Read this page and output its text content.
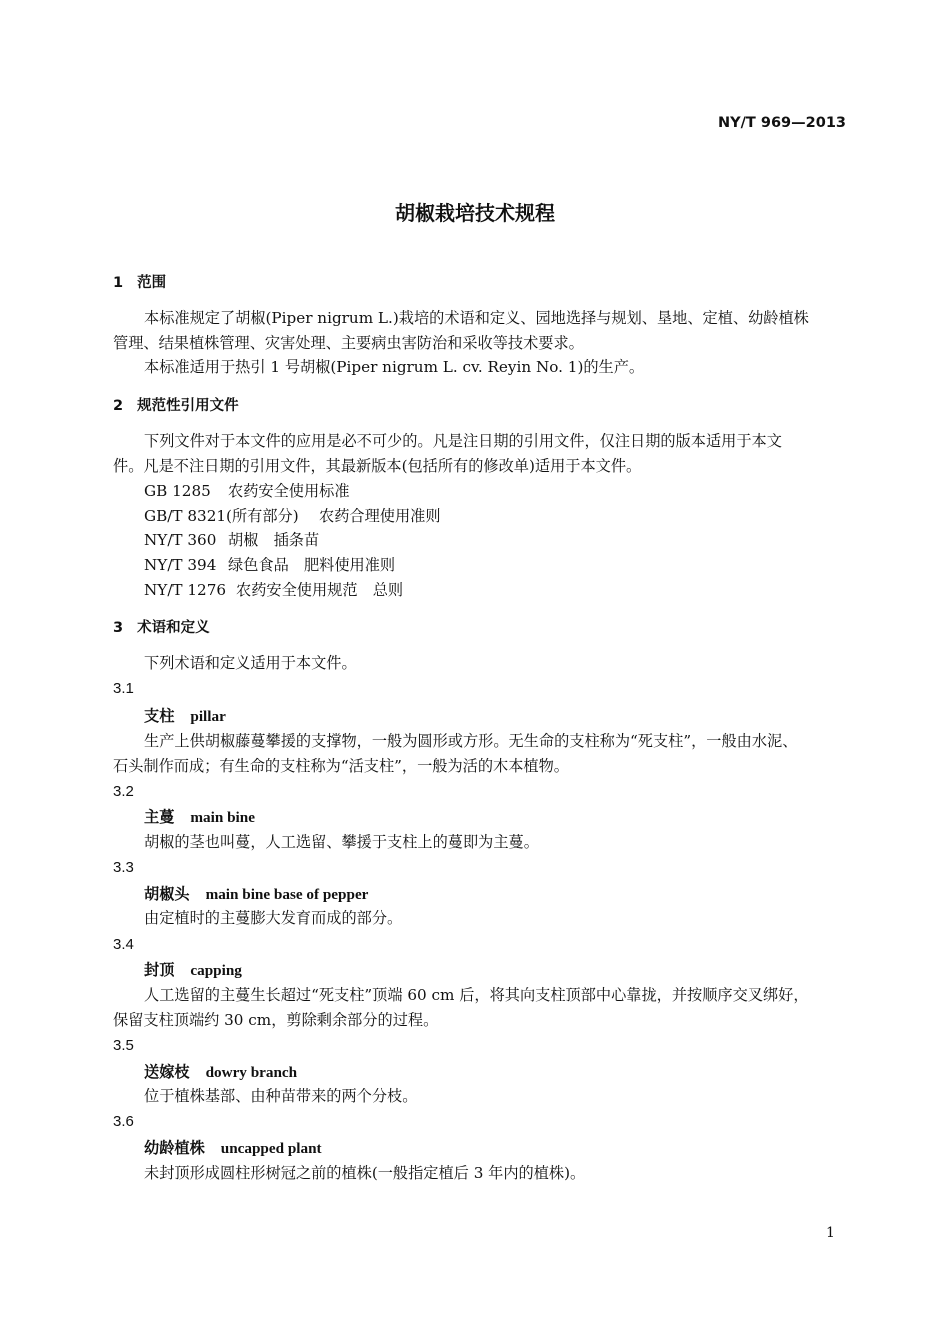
NY/T 969—2013
胡椒栽培技术规程
1 范围
本标准规定了胡椒(Piper nigrum L.)栽培的术语和定义、园地选择与规划、垦地、定植、幼龄植株
管理、结果植株管理、灾害处理、主要病虫害防治和采收等技术要求。
本标准适用于热引 1 号胡椒(Piper nigrum L. cv. Reyin No. 1)的生产。
2 规范性引用文件
下列文件对于本文件的应用是必不可少的。凡是注日期的引用文件，仅注日期的版本适用于本文
件。凡是不注日期的引用文件，其最新版本(包括所有的修改单)适用于本文件。
GB 1285 农药安全使用标准
GB/T 8321(所有部分) 农药合理使用准则
NY/T 360 胡椒　插条苗
NY/T 394 绿色食品　肥料使用准则
NY/T 1276 农药安全使用规范　总则
3 术语和定义
下列术语和定义适用于本文件。
3.1
支柱 pillar
生产上供胡椒藤蔓攀援的支撑物，一般为圆形或方形。无生命的支柱称为“死支柱”，一般由水泥、
石头制作而成；有生命的支柱称为“活支柱”，一般为活的木本植物。
3.2
主蔓 main bine
胡椒的茎也叫蔓，人工选留、攀援于支柱上的蔓即为主蔓。
3.3
胡椒头 main bine base of pepper
由定植时的主蔓膨大发育而成的部分。
3.4
封顶 capping
人工选留的主蔓生长超过“死支柱”顶端 60 cm 后，将其向支柱顶部中心靠拢，并按顺序交叉绑好，
保留支柱顶端约 30 cm，剪除剩余部分的过程。
3.5
送嫁枝 dowry branch
位于植株基部、由种苗带来的两个分枝。
3.6
幼龄植株 uncapped plant
未封顶形成圆柱形树冠之前的植株(一般指定植后 3 年内的植株)。
1
